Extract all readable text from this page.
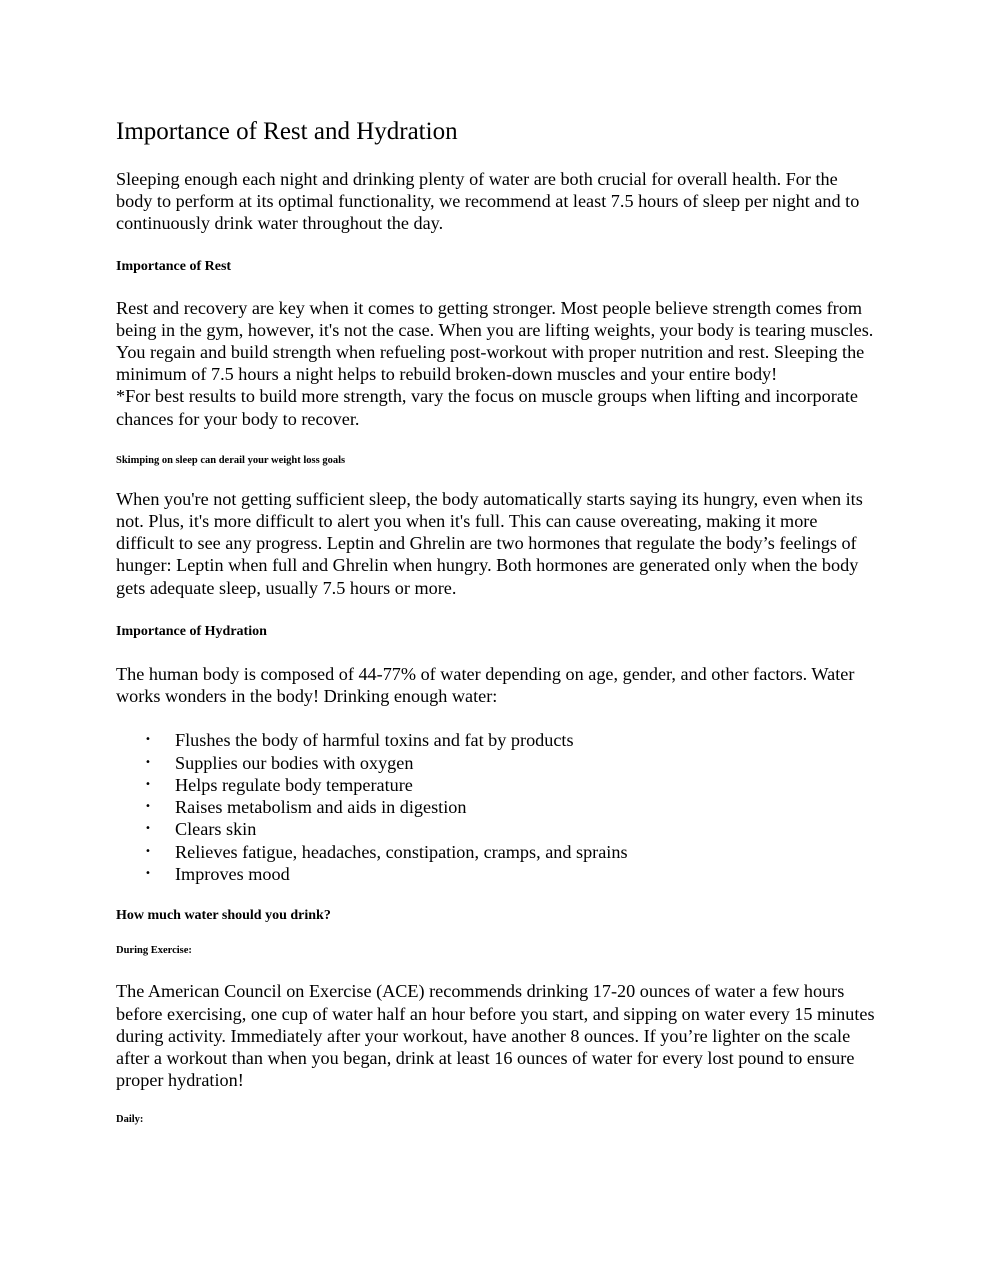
Importance of Rest and Hydration

Sleeping enough each night and drinking plenty of water are both crucial for overall health. For the body to perform at its optimal functionality, we recommend at least 7.5 hours of sleep per night and to continuously drink water throughout the day.

Importance of Rest

Rest and recovery are key when it comes to getting stronger. Most people believe strength comes from being in the gym, however, it's not the case. When you are lifting weights, your body is tearing muscles. You regain and build strength when refueling post-workout with proper nutrition and rest. Sleeping the minimum of 7.5 hours a night helps to rebuild broken-down muscles and your entire body!

*For best results to build more strength, vary the focus on muscle groups when lifting and incorporate chances for your body to recover.

Skimping on sleep can derail your weight loss goals

When you're not getting sufficient sleep, the body automatically starts saying its hungry, even when its not. Plus, it's more difficult to alert you when it's full. This can cause overeating, making it more difficult to see any progress. Leptin and Ghrelin are two hormones that regulate the body’s feelings of hunger: Leptin when full and Ghrelin when hungry. Both hormones are generated only when the body gets adequate sleep, usually 7.5 hours or more.

Importance of Hydration

The human body is composed of 44-77% of water depending on age, gender, and other factors. Water works wonders in the body! Drinking enough water:

• Flushes the body of harmful toxins and fat by products
• Supplies our bodies with oxygen
• Helps regulate body temperature
• Raises metabolism and aids in digestion
• Clears skin
• Relieves fatigue, headaches, constipation, cramps, and sprains
• Improves mood
How much water should you drink?
During Exercise:

The American Council on Exercise (ACE) recommends drinking 17-20 ounces of water a few hours before exercising, one cup of water half an hour before you start, and sipping on water every 15 minutes during activity. Immediately after your workout, have another 8 ounces. If you’re lighter on the scale after a workout than when you began, drink at least 16 ounces of water for every lost pound to ensure proper hydration!

Daily:
